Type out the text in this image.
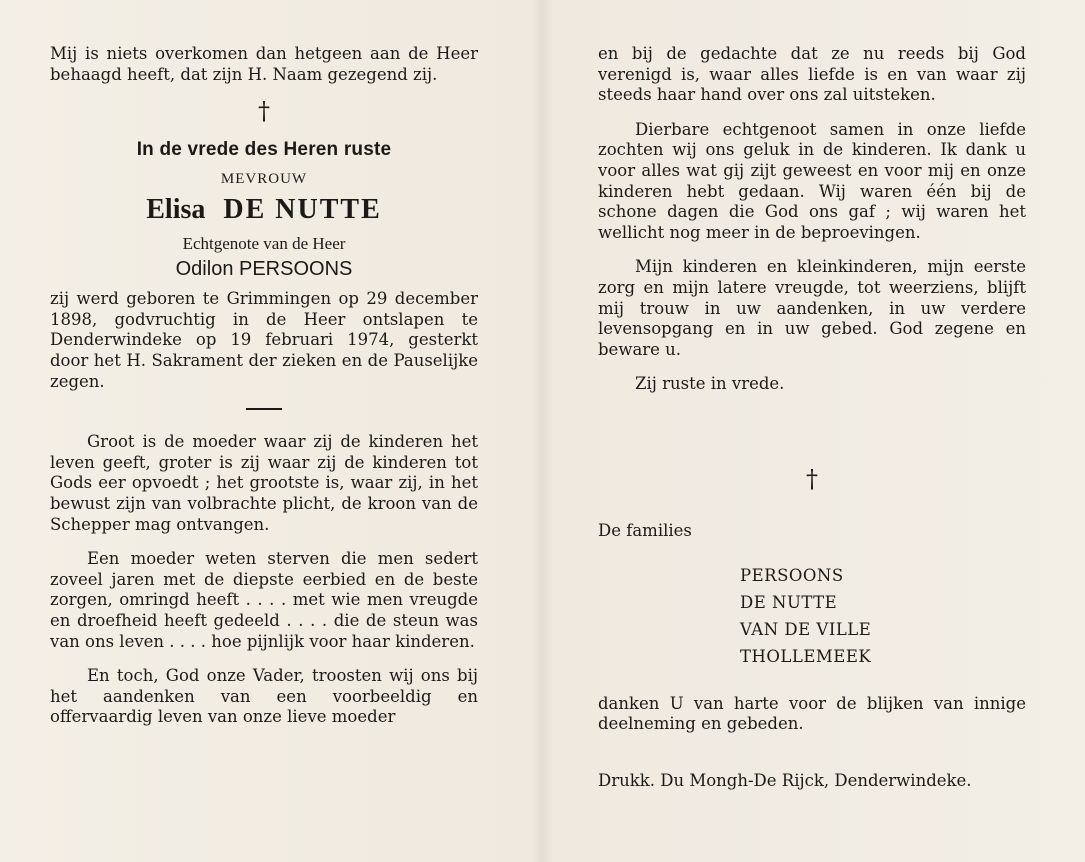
Mij is niets overkomen dan hetgeen aan de Heer behaagd heeft, dat zijn H. Naam gezegend zij.

†

In de vrede des Heren ruste

MEVROUW

Elisa DE NUTTE

Echtgenote van de Heer

Odilon PERSOONS

zij werd geboren te Grimmingen op 29 december 1898, godvruchtig in de Heer ontslapen te Denderwindeke op 19 februari 1974, gesterkt door het H. Sakrament der zieken en de Pauselijke zegen.

Groot is de moeder waar zij de kinderen het leven geeft, groter is zij waar zij de kinderen tot Gods eer opvoedt ; het grootste is, waar zij, in het bewust zijn van volbrachte plicht, de kroon van de Schepper mag ontvangen.

Een moeder weten sterven die men sedert zoveel jaren met de diepste eerbied en de beste zorgen, omringd heeft . . . . met wie men vreugde en droefheid heeft gedeeld . . . . die de steun was van ons leven . . . . hoe pijnlijk voor haar kinderen.

En toch, God onze Vader, troosten wij ons bij het aandenken van een voorbeeldig en offervaardig leven van onze lieve moeder

en bij de gedachte dat ze nu reeds bij God verenigd is, waar alles liefde is en van waar zij steeds haar hand over ons zal uitsteken.

Dierbare echtgenoot samen in onze liefde zochten wij ons geluk in de kinderen. Ik dank u voor alles wat gij zijt geweest en voor mij en onze kinderen hebt gedaan. Wij waren één bij de schone dagen die God ons gaf ; wij waren het wellicht nog meer in de beproevingen.

Mijn kinderen en kleinkinderen, mijn eerste zorg en mijn latere vreugde, tot weerziens, blijft mij trouw in uw aandenken, in uw verdere levensopgang en in uw gebed. God zegene en beware u.

Zij ruste in vrede.

†

De families

PERSOONS
DE NUTTE
VAN DE VILLE
THOLLEMEEK

danken U van harte voor de blijken van innige deelneming en gebeden.

Drukk. Du Mongh-De Rijck, Denderwindeke.
